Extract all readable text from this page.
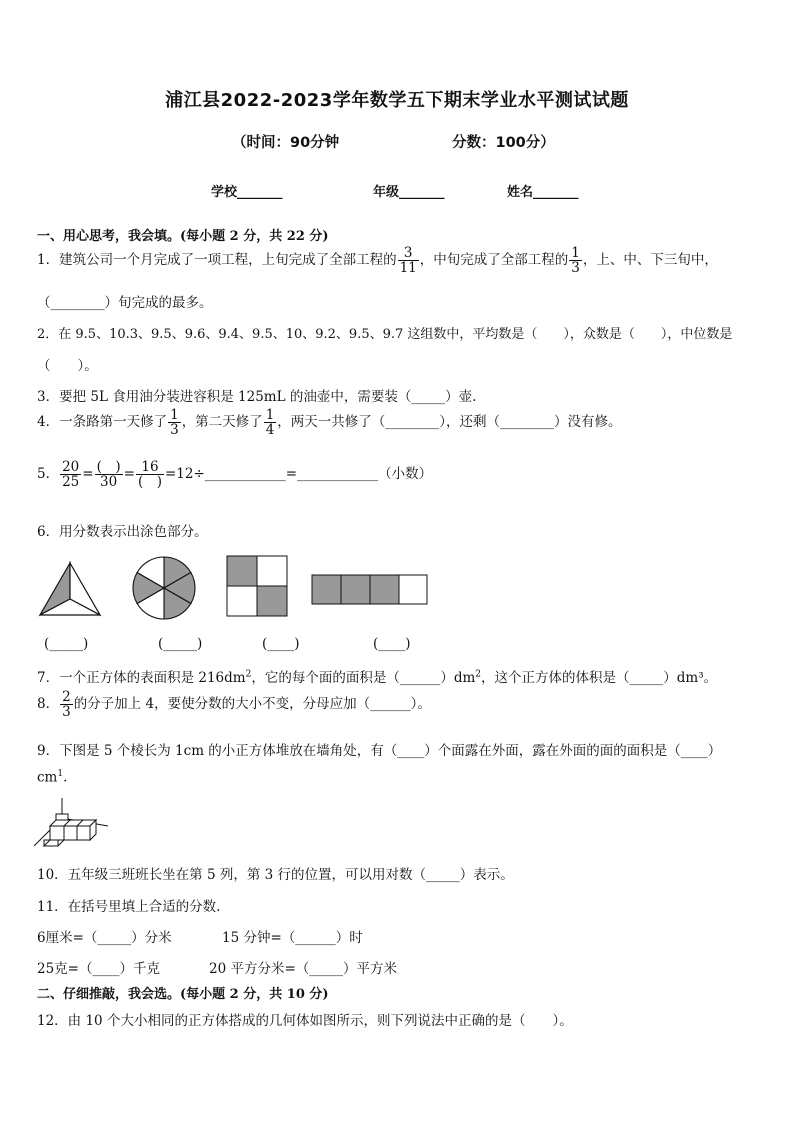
浦江县2022-2023学年数学五下期末学业水平测试试题
（时间：90分钟	分数：100分）
学校_______	年级_______	姓名_______
一、用心思考，我会填。(每小题 2 分，共 22 分)
1．建筑公司一个月完成了一项工程，上旬完成了全部工程的 $\frac{3}{11}$ ，中旬完成了全部工程的 $\frac{1}{3}$ ，上、中、下三旬中，
（________）旬完成的最多。
2．在 9.5、10.3、9.5、9.6、9.4、9.5、10、9.2、9.5、9.7 这组数中，平均数是（　　），众数是（　　），中位数是
（　　）。
3．要把 5L 食用油分装进容积是 125mL 的油壶中，需要装（_____）壶.
4．一条路第一天修了 $\frac{1}{3}$ ，第二天修了 $\frac{1}{4}$ ，两天一共修了（________），还剩（________）没有修。
5． $\frac{20}{25} = \frac{( )}{30} = \frac{16}{( )}$ =12÷____________=____________（小数）
6．用分数表示出涂色部分。
(_____)	(_____)	(____)	(____)
7．一个正方体的表面积是 $216dm^2$，它的每个面的面积是$(\_\_\_\_\_\_)dm^2$，这个正方体的体积是（_____）dm³。
8． $\frac{2}{3}$ 的分子加上 4，要使分数的大小不变，分母应加（______）。
9．下图是 5 个棱长为 1cm 的小正方体堆放在墙角处，有（____）个面露在外面，露在外面的面的面积是（____）
$cm^1$.
10．五年级三班班长坐在第 5 列，第 3 行的位置，可以用对数（_____）表示。
11．在括号里填上合适的分数.
6厘米=（_____）分米	15 分钟=（______）时
25克=（____）千克	20 平方分米=（_____）平方米
二、仔细推敲，我会选。(每小题 2 分，共 10 分)
12．由 10 个大小相同的正方体搭成的几何体如图所示，则下列说法中正确的是（　　）。
